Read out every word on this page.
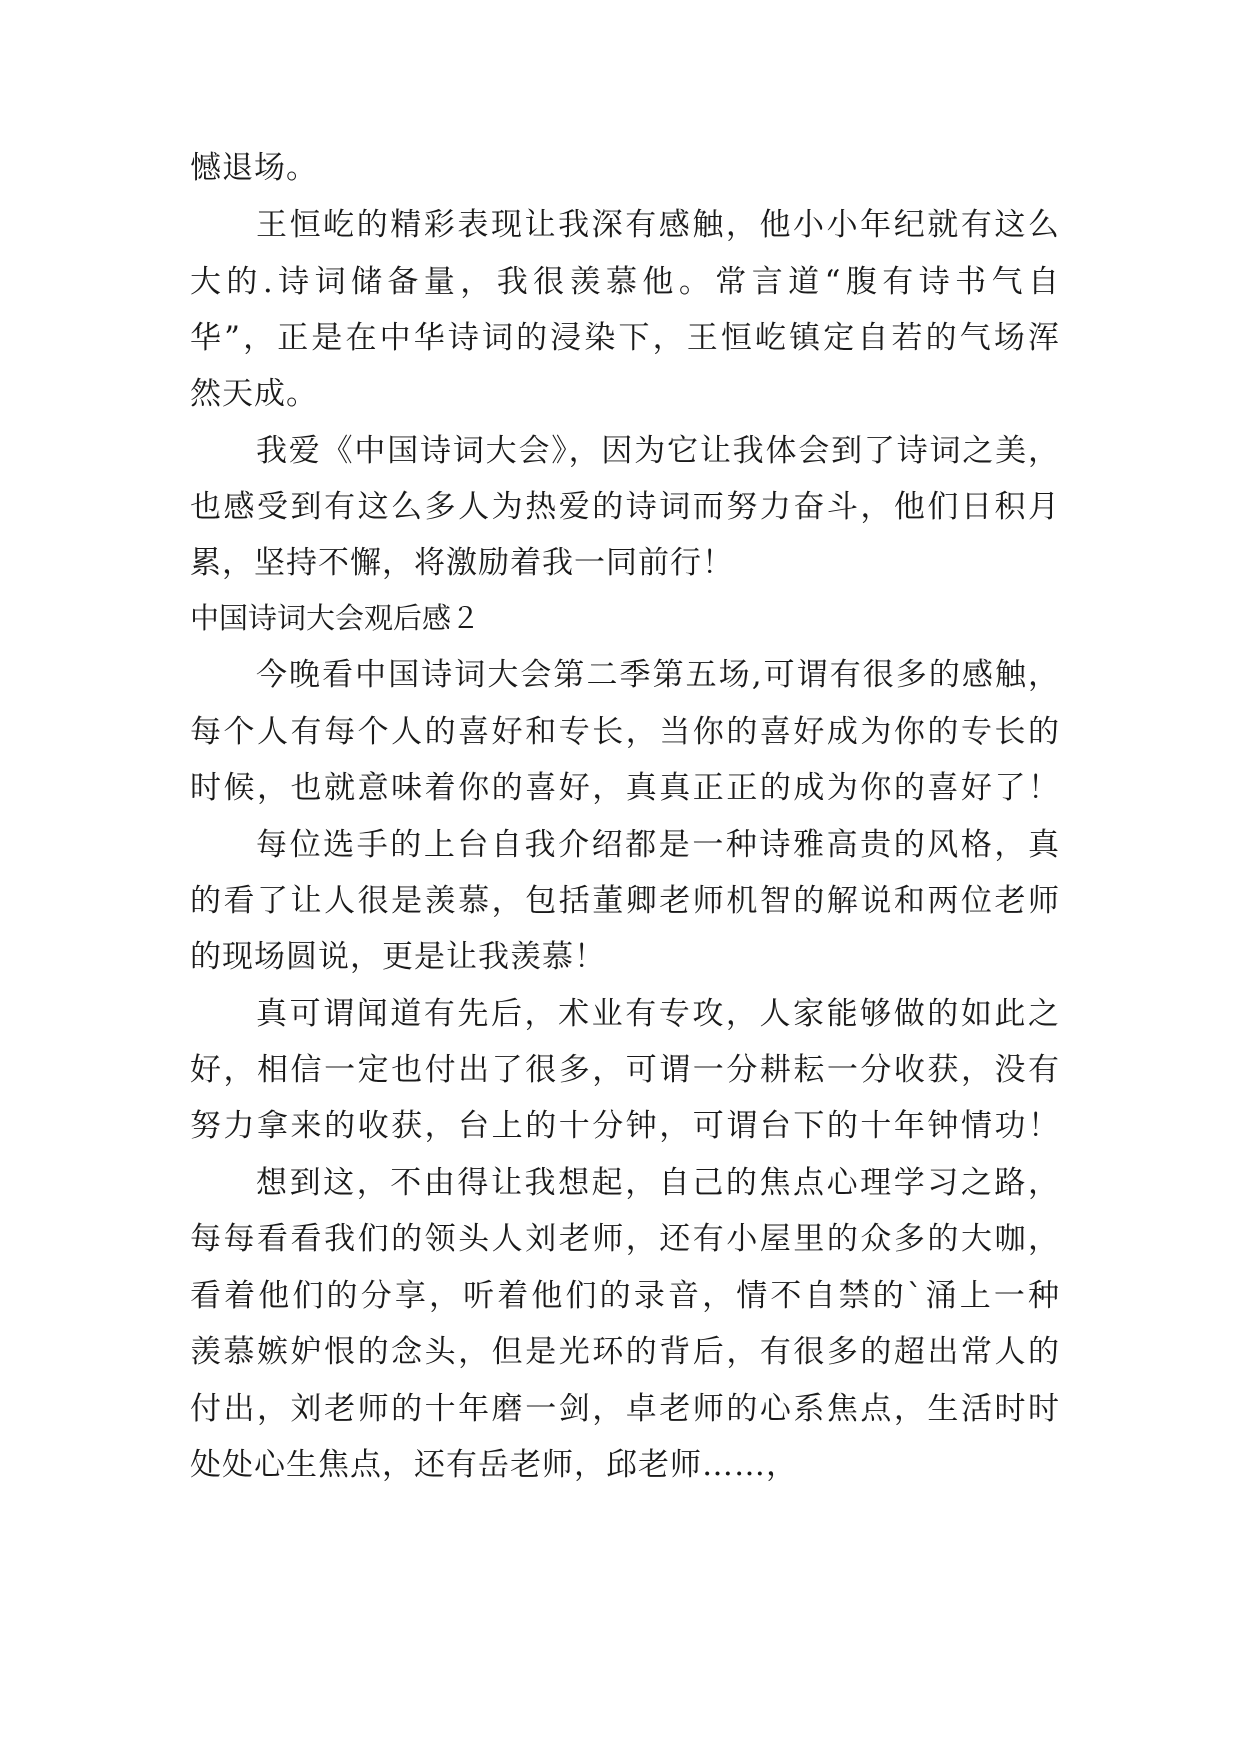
憾退场。
王恒屹的精彩表现让我深有感触，他小小年纪就有这么
大的.诗词储备量，我很羡慕他。常言道“腹有诗书气自
华”，正是在中华诗词的浸染下，王恒屹镇定自若的气场浑
然天成。
我爱《中国诗词大会》，因为它让我体会到了诗词之美，
也感受到有这么多人为热爱的诗词而努力奋斗，他们日积月
累，坚持不懈，将激励着我一同前行！
中国诗词大会观后感２
今晚看中国诗词大会第二季第五场,可谓有很多的感触，
每个人有每个人的喜好和专长，当你的喜好成为你的专长的
时候，也就意味着你的喜好，真真正正的成为你的喜好了！
每位选手的上台自我介绍都是一种诗雅高贵的风格，真
的看了让人很是羡慕，包括董卿老师机智的解说和两位老师
的现场圆说，更是让我羡慕！
真可谓闻道有先后，术业有专攻，人家能够做的如此之
好，相信一定也付出了很多，可谓一分耕耘一分收获，没有
努力拿来的收获，台上的十分钟，可谓台下的十年钟情功！
想到这，不由得让我想起，自己的焦点心理学习之路，
每每看看我们的领头人刘老师，还有小屋里的众多的大咖，
看着他们的分享，听着他们的录音，情不自禁的`涌上一种
羡慕嫉妒恨的念头，但是光环的背后，有很多的超出常人的
付出，刘老师的十年磨一剑，卓老师的心系焦点，生活时时
处处心生焦点，还有岳老师，邱老师……，
